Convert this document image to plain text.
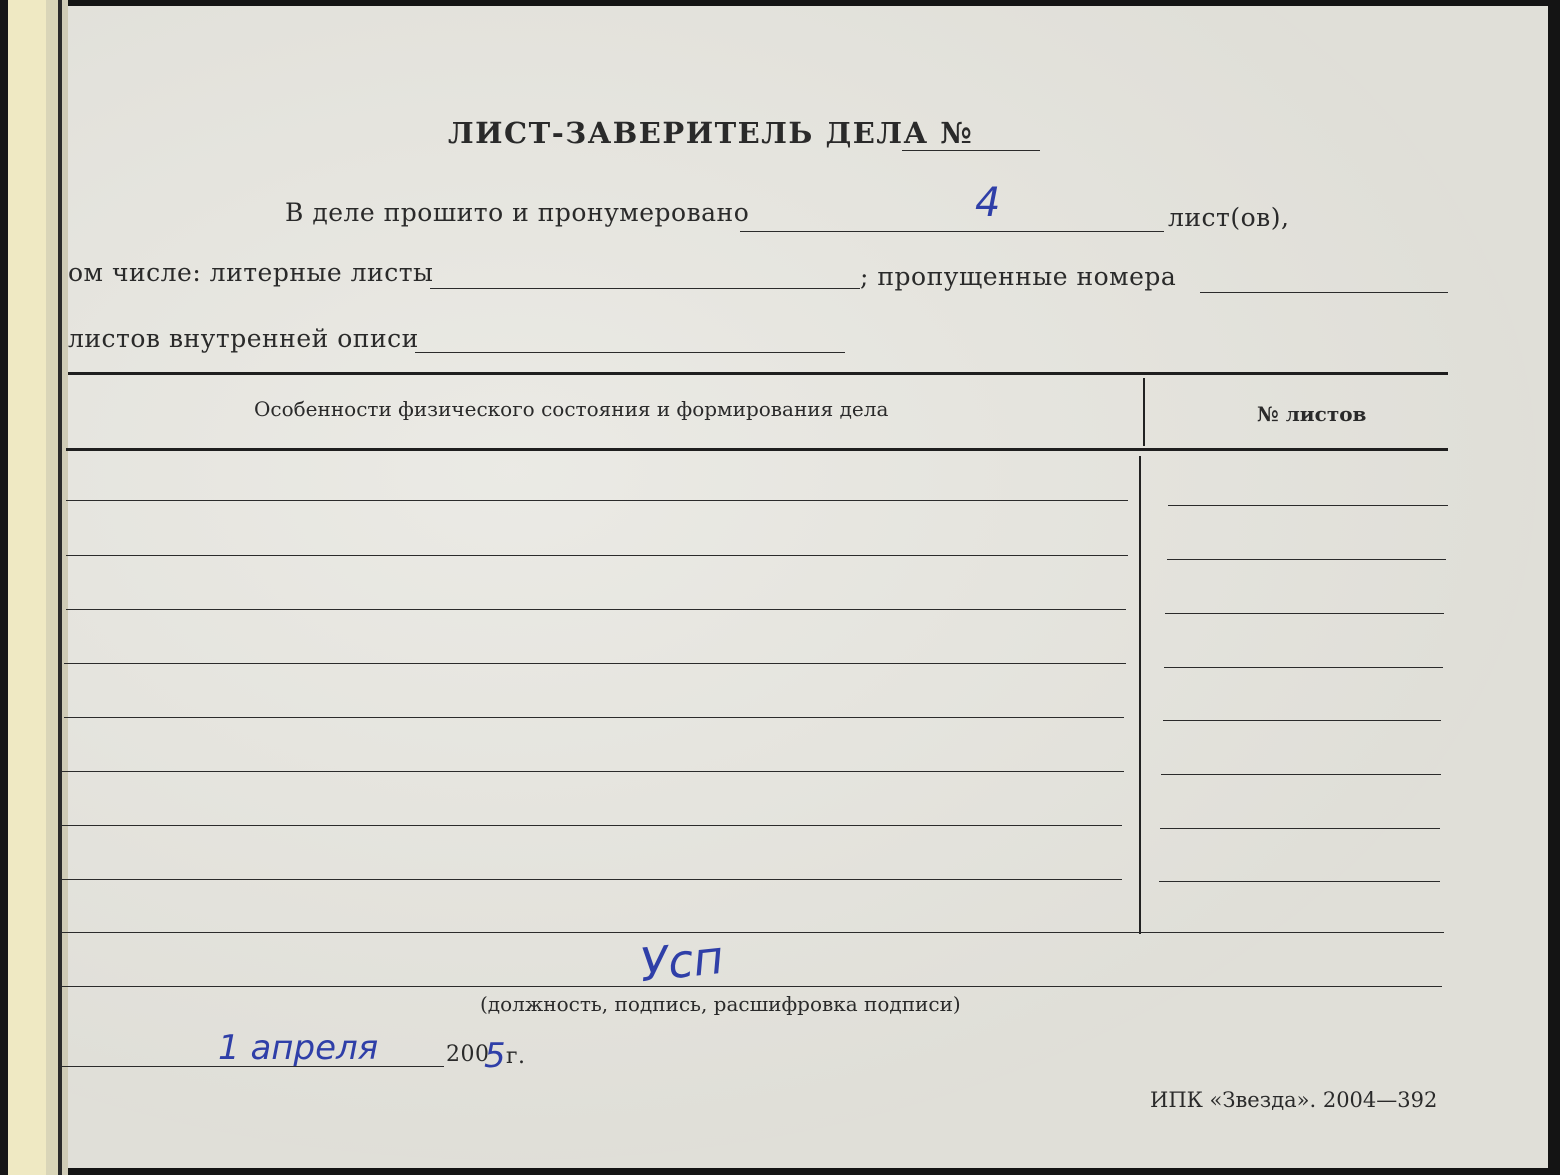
ЛИСТ-ЗАВЕРИТЕЛЬ ДЕЛА №
В деле прошито и пронумеровано	4	лист(ов),
ом числе: литерные листы	; пропущенные номера
листов внутренней описи
Особенности физического состояния и формирования дела	№ листов
Усп
(должность, подпись, расшифровка подписи)
1 апреля	200
5 г.
ИПК «Звезда». 2004—392
